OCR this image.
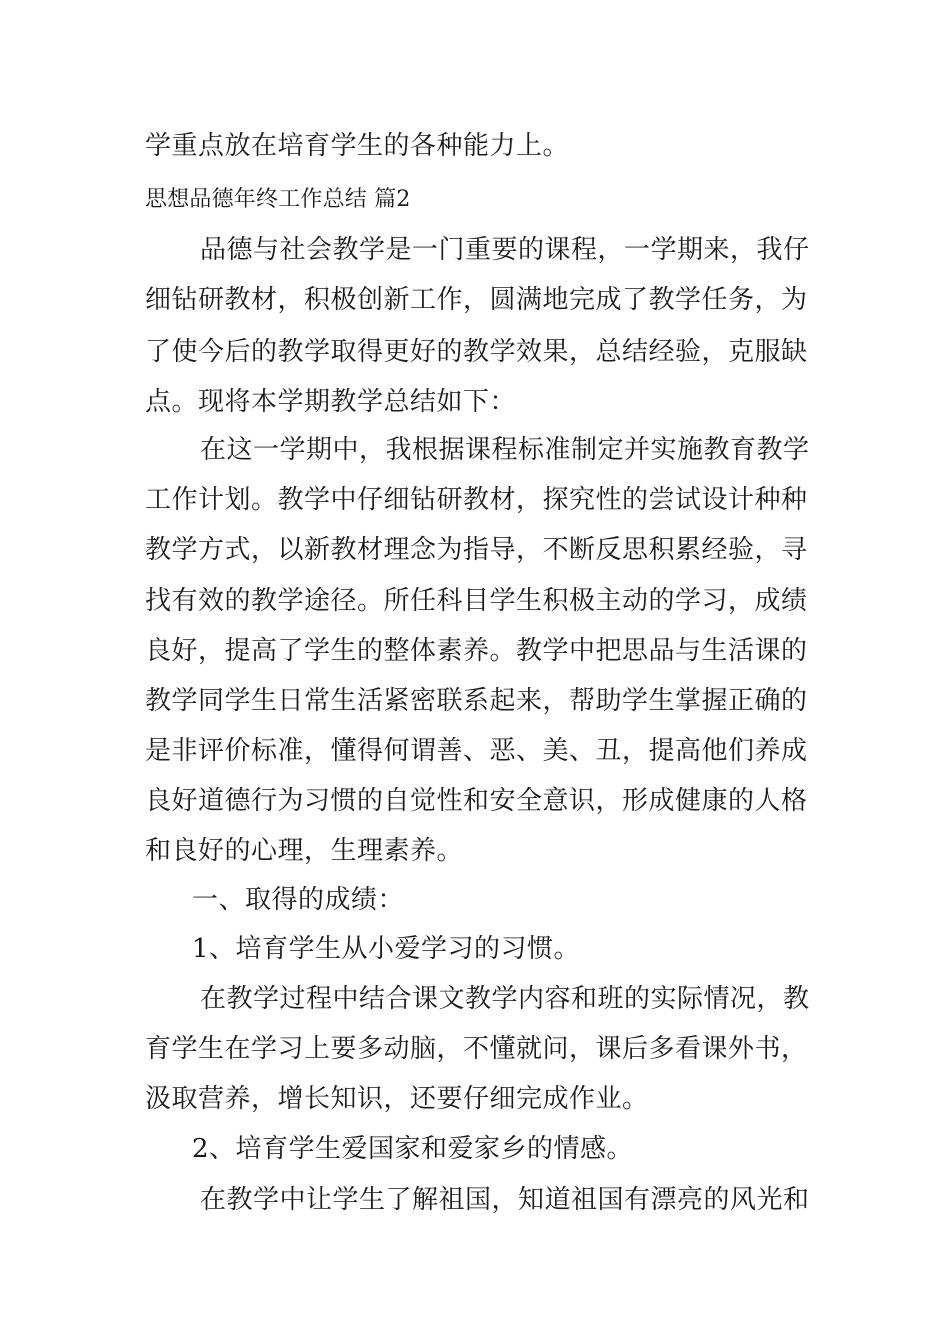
学重点放在培育学生的各种能力上。
思想品德年终工作总结 篇2
品德与社会教学是一门重要的课程，一学期来，我仔
细钻研教材，积极创新工作，圆满地完成了教学任务，为
了使今后的教学取得更好的教学效果，总结经验，克服缺
点。现将本学期教学总结如下：
在这一学期中，我根据课程标准制定并实施教育教学
工作计划。教学中仔细钻研教材，探究性的尝试设计种种
教学方式，以新教材理念为指导，不断反思积累经验，寻
找有效的教学途径。所任科目学生积极主动的学习，成绩
良好，提高了学生的整体素养。教学中把思品与生活课的
教学同学生日常生活紧密联系起来，帮助学生掌握正确的
是非评价标准，懂得何谓善、恶、美、丑，提高他们养成
良好道德行为习惯的自觉性和安全意识，形成健康的人格
和良好的心理，生理素养。
一、取得的成绩：
1、培育学生从小爱学习的习惯。
在教学过程中结合课文教学内容和班的实际情况，教
育学生在学习上要多动脑，不懂就问，课后多看课外书，
汲取营养，增长知识，还要仔细完成作业。
2、培育学生爱国家和爱家乡的情感。
在教学中让学生了解祖国，知道祖国有漂亮的风光和
